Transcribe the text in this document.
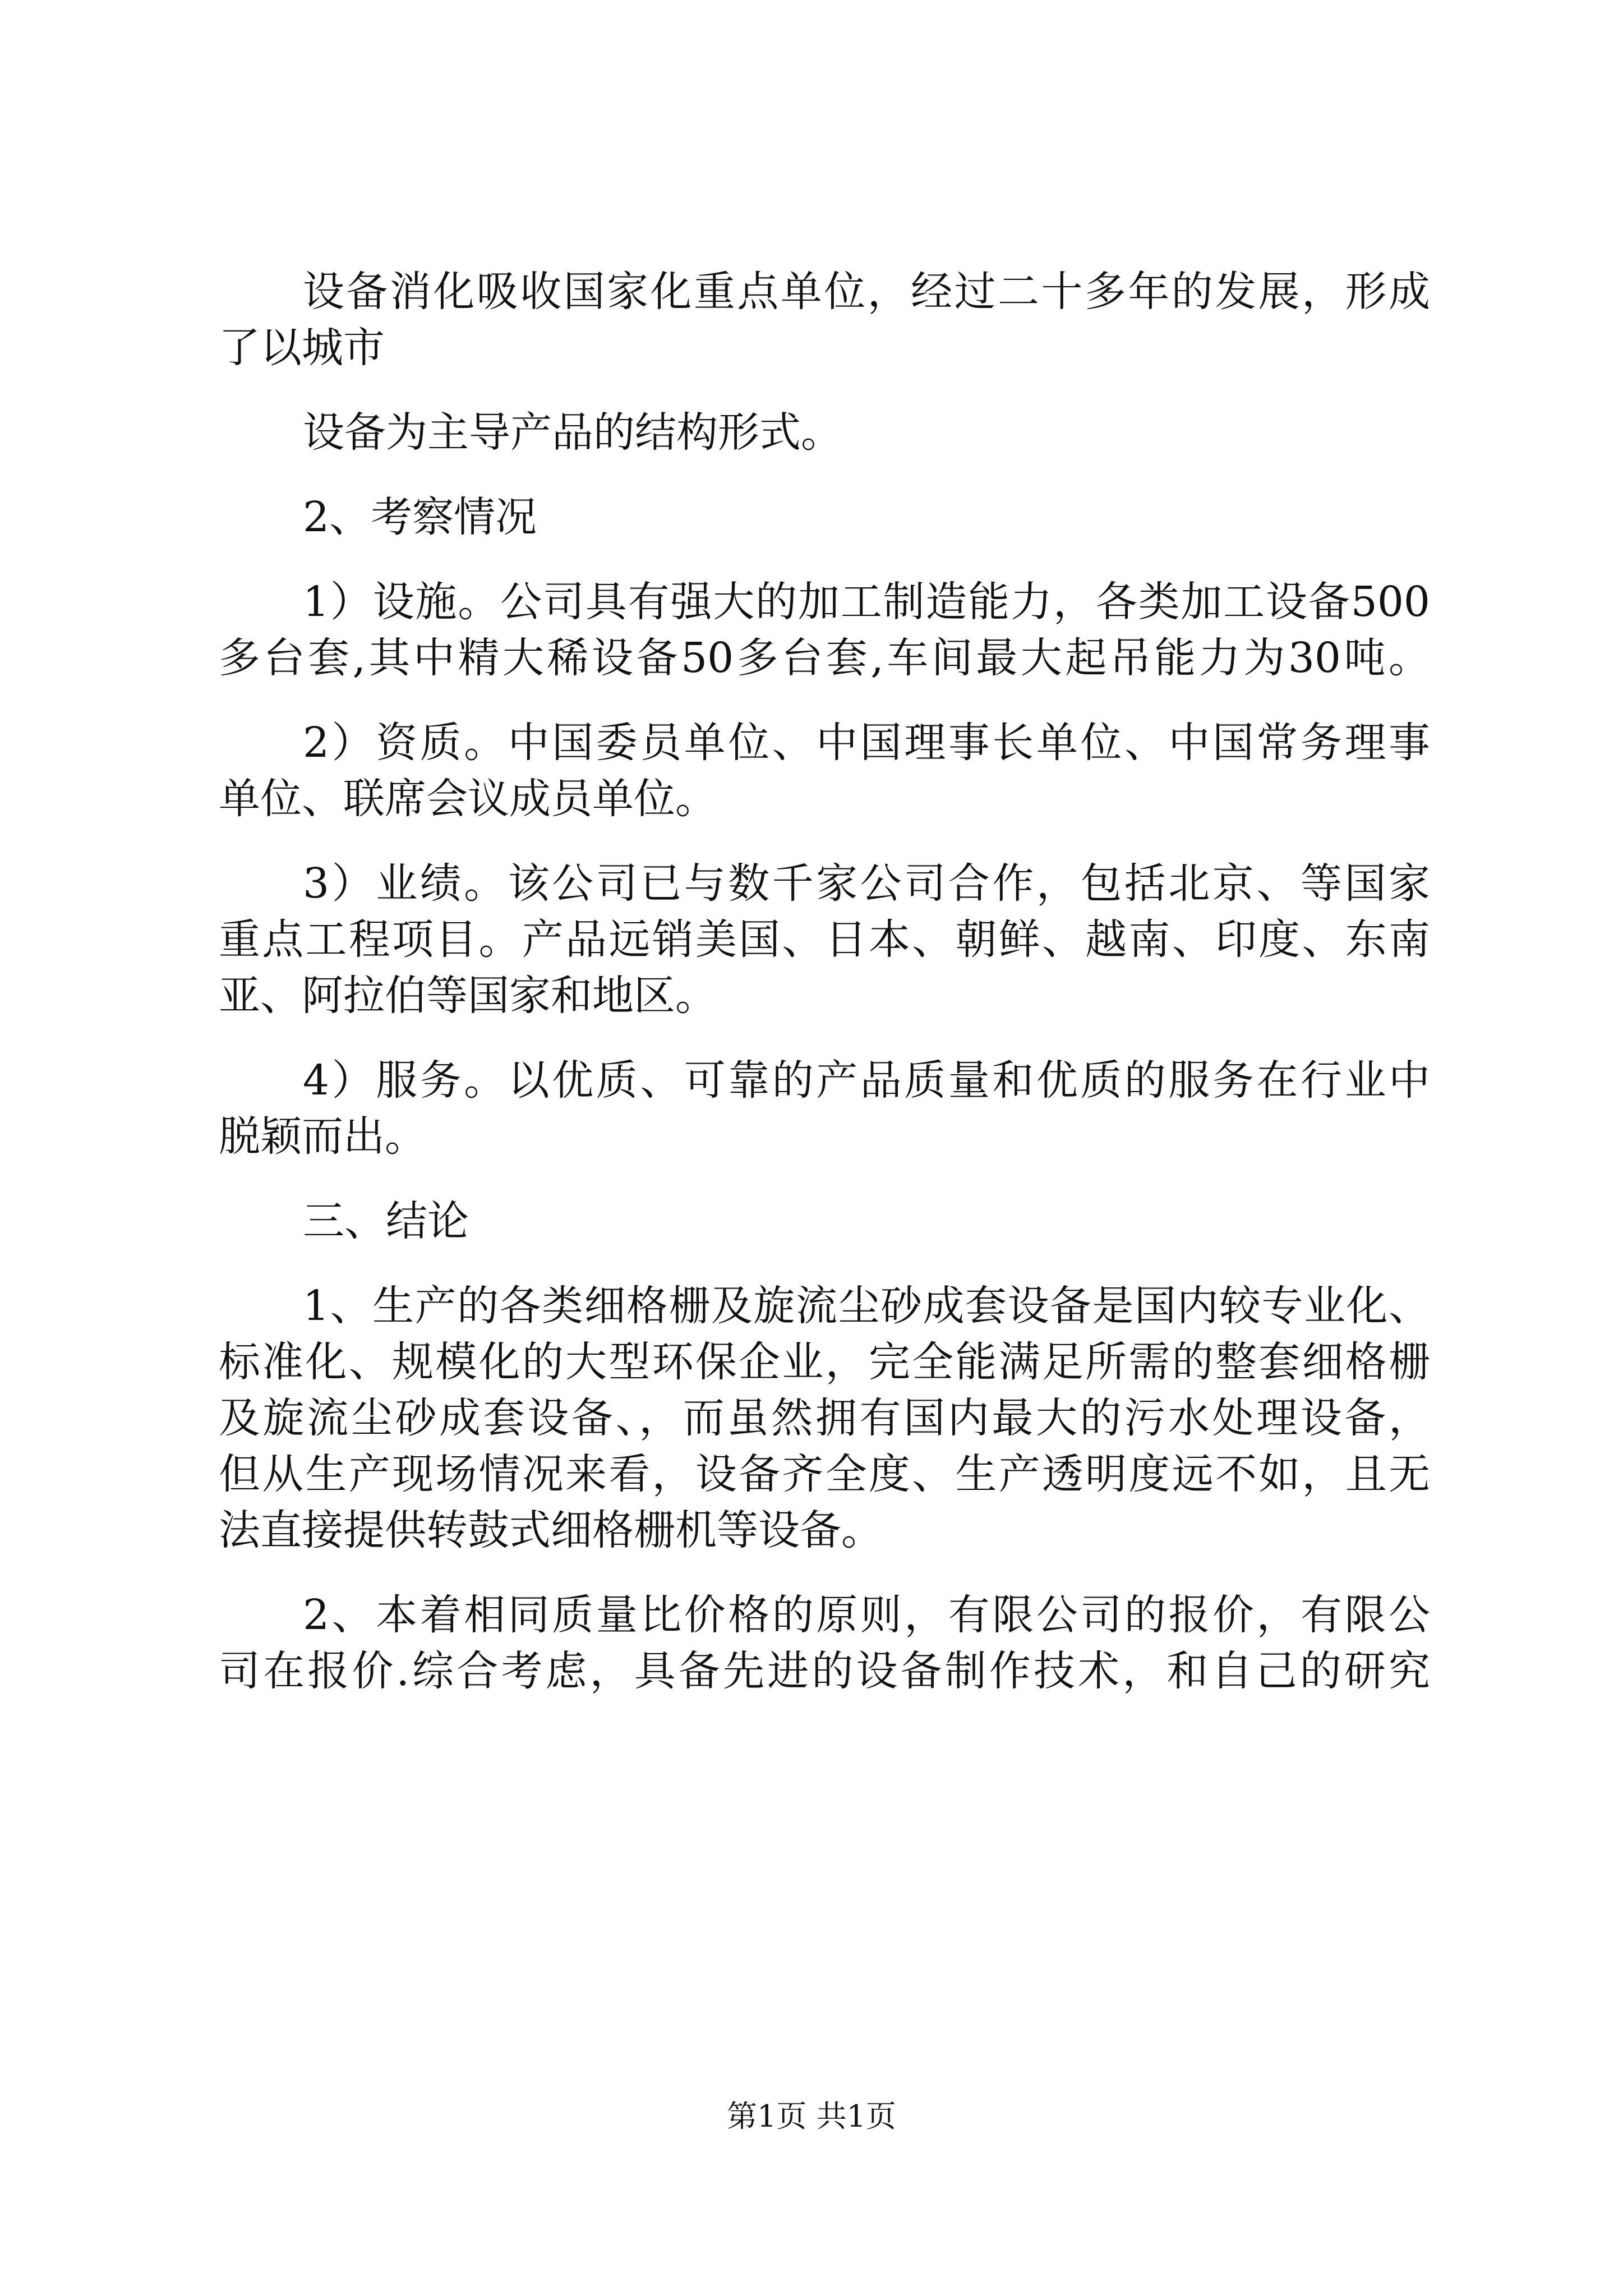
设备消化吸收国家化重点单位，经过二十多年的发展，形成
了以城市
设备为主导产品的结构形式。
2、考察情况
1）设施。公司具有强大的加工制造能力，各类加工设备500
多台套,其中精大稀设备50多台套,车间最大起吊能力为30吨。
2）资质。中国委员单位、中国理事长单位、中国常务理事
单位、联席会议成员单位。
3）业绩。该公司已与数千家公司合作，包括北京、等国家
重点工程项目。产品远销美国、日本、朝鲜、越南、印度、东南
亚、阿拉伯等国家和地区。
4）服务。以优质、可靠的产品质量和优质的服务在行业中
脱颖而出。
三、结论
1、生产的各类细格栅及旋流尘砂成套设备是国内较专业化、
标准化、规模化的大型环保企业，完全能满足所需的整套细格栅
及旋流尘砂成套设备、，而虽然拥有国内最大的污水处理设备，
但从生产现场情况来看，设备齐全度、生产透明度远不如，且无
法直接提供转鼓式细格栅机等设备。
2、本着相同质量比价格的原则，有限公司的报价，有限公
司在报价.综合考虑，具备先进的设备制作技术，和自己的研究
第1页 共1页
